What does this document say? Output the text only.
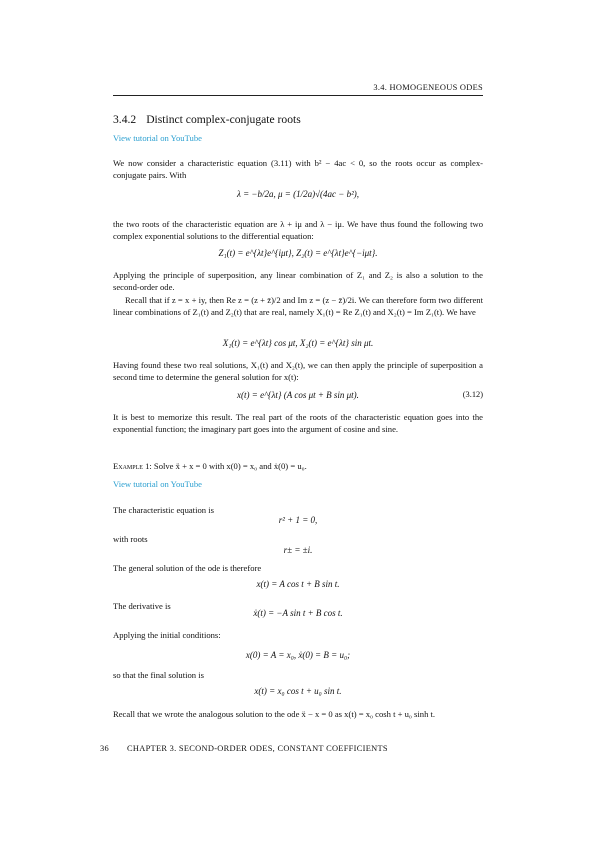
3.4. HOMOGENEOUS ODES
3.4.2 Distinct complex-conjugate roots
View tutorial on YouTube

We now consider a characteristic equation (3.11) with b² − 4ac < 0, so the roots occur as complex-conjugate pairs. With

λ = −b/2a, μ = (1/2a)√(4ac − b²),

the two roots of the characteristic equation are λ + iμ and λ − iμ. We have thus found the following two complex exponential solutions to the differential equation:

Z₁(t) = e^{λt}e^{iμt}, Z₂(t) = e^{λt}e^{−iμt}.

Applying the principle of superposition, any linear combination of Z₁ and Z₂ is also a solution to the second-order ode.

Recall that if z = x + iy, then Re z = (z + z̄)/2 and Im z = (z − z̄)/2i. We can therefore form two different linear combinations of Z₁(t) and Z₂(t) that are real, namely X₁(t) = Re Z₁(t) and X₂(t) = Im Z₁(t). We have

X₁(t) = e^{λt} cos μt, X₂(t) = e^{λt} sin μt.

Having found these two real solutions, X₁(t) and X₂(t), we can then apply the principle of superposition a second time to determine the general solution for x(t):

x(t) = e^{λt} (A cos μt + B sin μt).	(3.12)

It is best to memorize this result. The real part of the roots of the characteristic equation goes into the exponential function; the imaginary part goes into the argument of cosine and sine.

Example 1: Solve ẍ + x = 0 with x(0) = x₀ and ẋ(0) = u₀.

View tutorial on YouTube

The characteristic equation is

r² + 1 = 0,

with roots

r± = ±i.

The general solution of the ode is therefore

x(t) = A cos t + B sin t.

The derivative is

ẋ(t) = −A sin t + B cos t.

Applying the initial conditions:

x(0) = A = x₀, ẋ(0) = B = u₀;

so that the final solution is

x(t) = x₀ cos t + u₀ sin t.

Recall that we wrote the analogous solution to the ode ẍ − x = 0 as x(t) = x₀ cosh t + u₀ sinh t.

36 CHAPTER 3. SECOND-ORDER ODES, CONSTANT COEFFICIENTS
